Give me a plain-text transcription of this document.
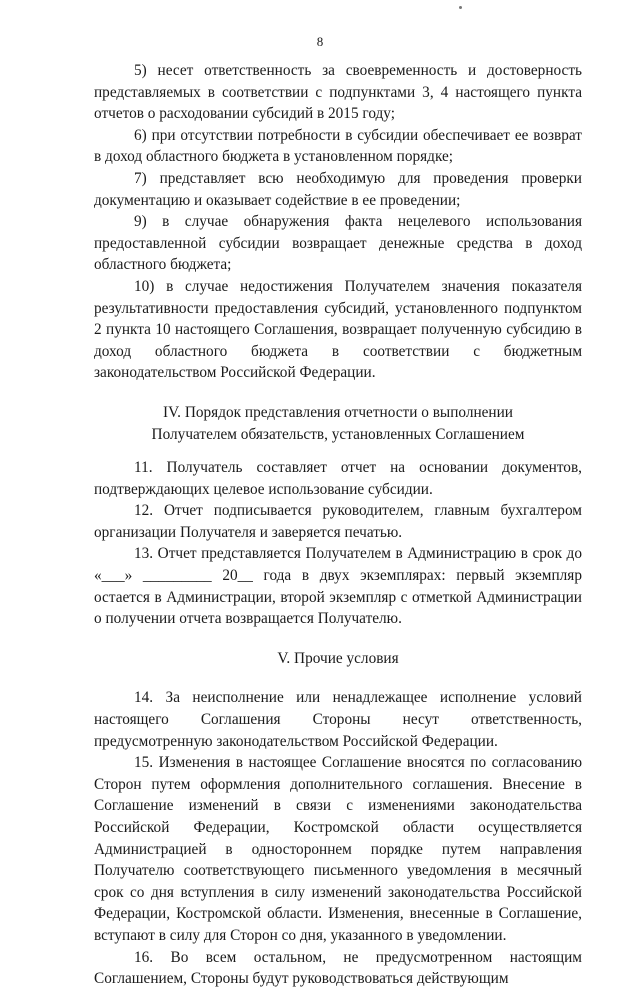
8

5) несет ответственность за своевременность и достоверность представляемых в соответствии с подпунктами 3, 4 настоящего пункта отчетов о расходовании субсидий в 2015 году;

6) при отсутствии потребности в субсидии обеспечивает ее возврат в доход областного бюджета в установленном порядке;

7) представляет всю необходимую для проведения проверки документацию и оказывает содействие в ее проведении;

9) в случае обнаружения факта нецелевого использования предоставленной субсидии возвращает денежные средства в доход областного бюджета;

10) в случае недостижения Получателем значения показателя результативности предоставления субсидий, установленного подпунктом 2 пункта 10 настоящего Соглашения, возвращает полученную субсидию в доход областного бюджета в соответствии с бюджетным законодательством Российской Федерации.

IV. Порядок представления отчетности о выполнении
Получателем обязательств, установленных Соглашением

11. Получатель составляет отчет на основании документов, подтверждающих целевое использование субсидии.

12. Отчет подписывается руководителем, главным бухгалтером организации Получателя и заверяется печатью.

13. Отчет представляется Получателем в Администрацию в срок до «___» _________ 20__ года в двух экземплярах: первый экземпляр остается в Администрации, второй экземпляр с отметкой Администрации о получении отчета возвращается Получателю.

V. Прочие условия

14. За неисполнение или ненадлежащее исполнение условий настоящего Соглашения Стороны несут ответственность, предусмотренную законодательством Российской Федерации.

15. Изменения в настоящее Соглашение вносятся по согласованию Сторон путем оформления дополнительного соглашения. Внесение в Соглашение изменений в связи с изменениями законодательства Российской Федерации, Костромской области осуществляется Администрацией в одностороннем порядке путем направления Получателю соответствующего письменного уведомления в месячный срок со дня вступления в силу изменений законодательства Российской Федерации, Костромской области. Изменения, внесенные в Соглашение, вступают в силу для Сторон со дня, указанного в уведомлении.

16. Во всем остальном, не предусмотренном настоящим Соглашением, Стороны будут руководствоваться действующим
